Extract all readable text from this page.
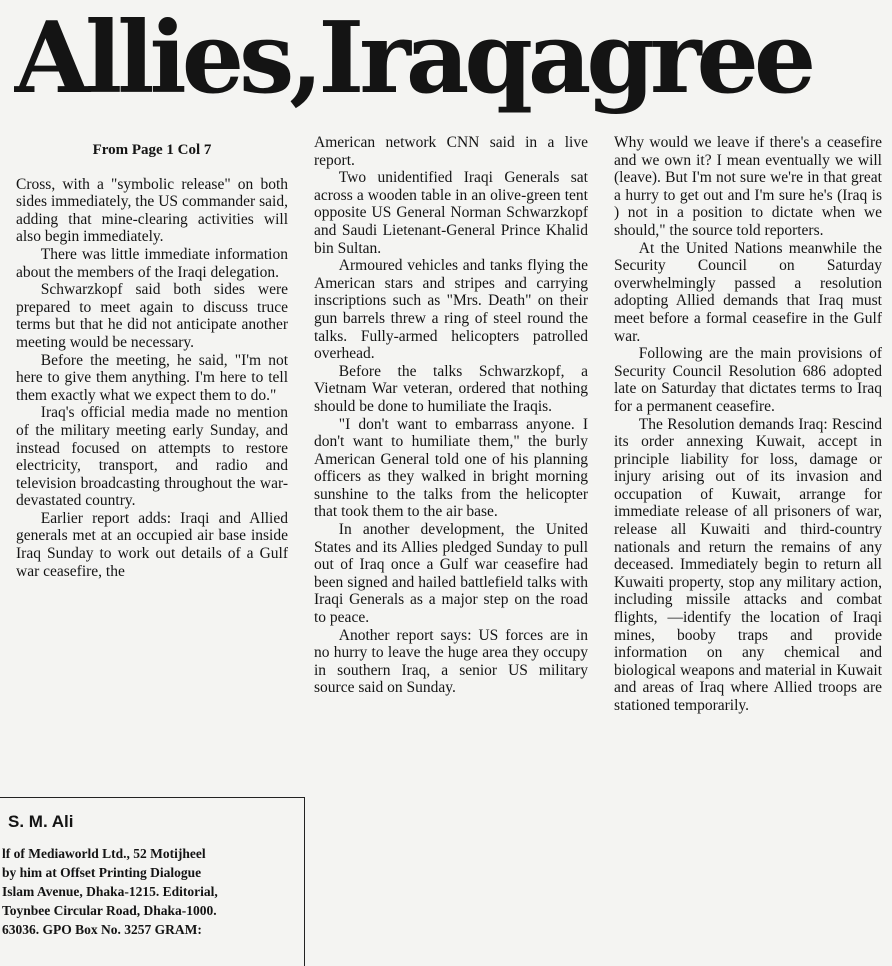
Allies,Iraqagree
From Page 1 Col 7

Cross, with a "symbolic release" on both sides immediately, the US commander said, adding that mine-clearing activities will also begin immediately.

There was little immediate information about the members of the Iraqi delegation.

Schwarzkopf said both sides were prepared to meet again to discuss truce terms but that he did not anticipate another meeting would be necessary.

Before the meeting, he said, "I'm not here to give them anything. I'm here to tell them exactly what we expect them to do."

Iraq's official media made no mention of the military meeting early Sunday, and instead focused on attempts to restore electricity, transport, and radio and television broadcasting throughout the war-devastated country.

Earlier report adds: Iraqi and Allied generals met at an occupied air base inside Iraq Sunday to work out details of a Gulf war ceasefire, the

American network CNN said in a live report.

Two unidentified Iraqi Generals sat across a wooden table in an olive-green tent opposite US General Norman Schwarzkopf and Saudi Lietenant-General Prince Khalid bin Sultan.

Armoured vehicles and tanks flying the American stars and stripes and carrying inscriptions such as "Mrs. Death" on their gun barrels threw a ring of steel round the talks. Fully-armed helicopters patrolled overhead.

Before the talks Schwarzkopf, a Vietnam War veteran, ordered that nothing should be done to humiliate the Iraqis.

"I don't want to embarrass anyone. I don't want to humiliate them," the burly American General told one of his planning officers as they walked in bright morning sunshine to the talks from the helicopter that took them to the air base.

In another development, the United States and its Allies pledged Sunday to pull out of Iraq once a Gulf war ceasefire had been signed and hailed battlefield talks with Iraqi Generals as a major step on the road to peace.

Another report says: US forces are in no hurry to leave the huge area they occupy in southern Iraq, a senior US military source said on Sunday.

Why would we leave if there's a ceasefire and we own it? I mean eventually we will (leave). But I'm not sure we're in that great a hurry to get out and I'm sure he's (Iraq is ) not in a position to dictate when we should," the source told reporters.

At the United Nations meanwhile the Security Council on Saturday overwhelmingly passed a resolution adopting Allied demands that Iraq must meet before a formal ceasefire in the Gulf war.

Following are the main provisions of Security Council Resolution 686 adopted late on Saturday that dictates terms to Iraq for a permanent ceasefire.

The Resolution demands Iraq: Rescind its order annexing Kuwait, accept in principle liability for loss, damage or injury arising out of its invasion and occupation of Kuwait, arrange for immediate release of all prisoners of war, release all Kuwaiti and third-country nationals and return the remains of any deceased. Immediately begin to return all Kuwaiti property, stop any military action, including missile attacks and combat flights, —identify the location of Iraqi mines, booby traps and provide information on any chemical and biological weapons and material in Kuwait and areas of Iraq where Allied troops are stationed temporarily.

S. M. Ali
lf of Mediaworld Ltd., 52 Motijheel
by him at Offset Printing Dialogue
Islam Avenue, Dhaka-1215. Editorial,
Toynbee Circular Road, Dhaka-1000.
63036. GPO Box No. 3257 GRAM:
